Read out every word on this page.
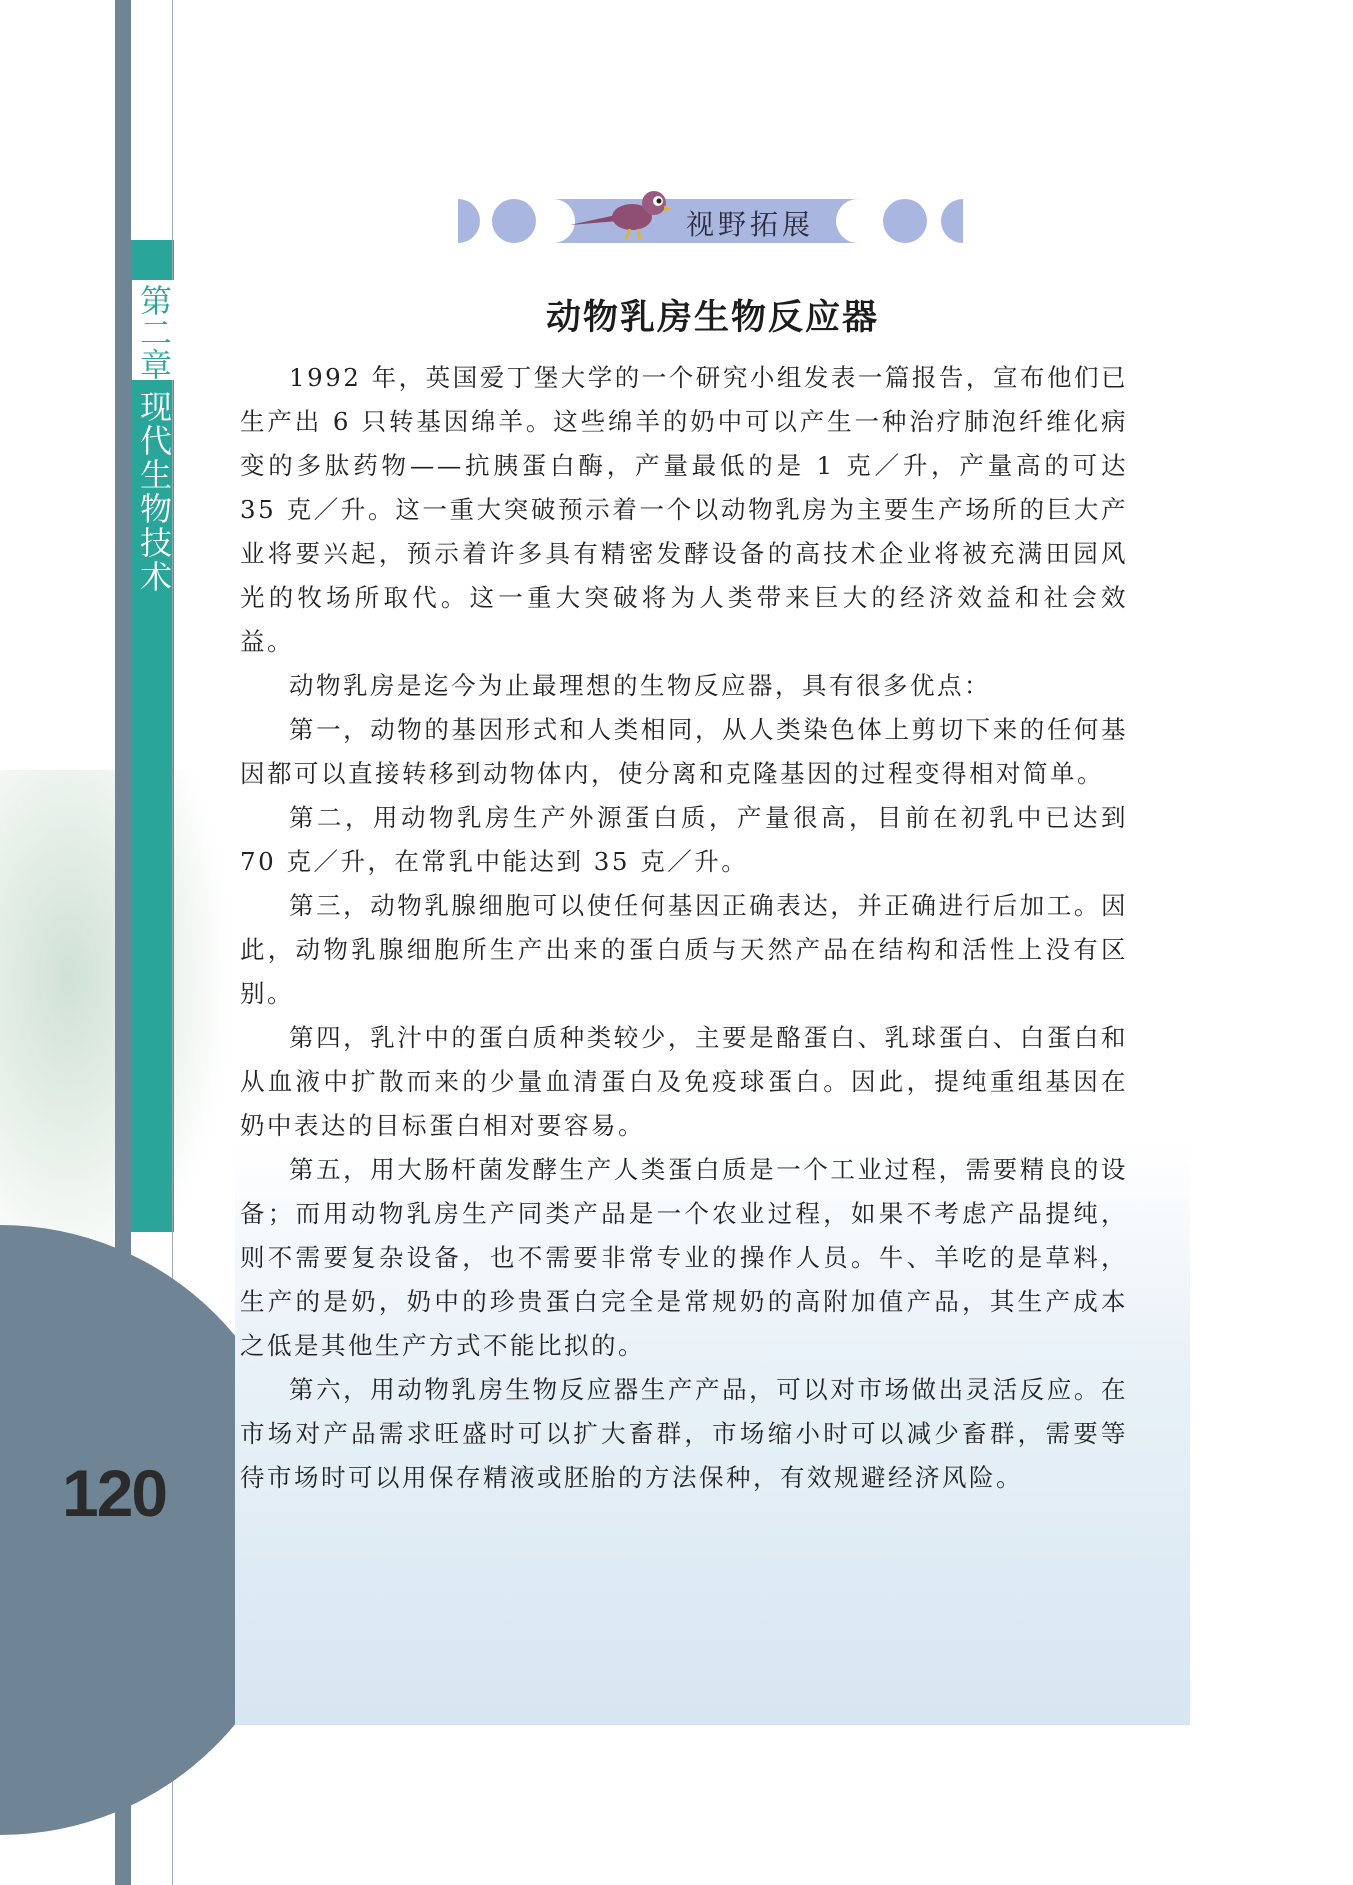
第二章
现代生物技术
120
视野拓展
动物乳房生物反应器

1992 年，英国爱丁堡大学的一个研究小组发表一篇报告，宣布他们已生产出 6 只转基因绵羊。这些绵羊的奶中可以产生一种治疗肺泡纤维化病变的多肽药物——抗胰蛋白酶，产量最低的是 1 克／升，产量高的可达 35 克／升。这一重大突破预示着一个以动物乳房为主要生产场所的巨大产业将要兴起，预示着许多具有精密发酵设备的高技术企业将被充满田园风光的牧场所取代。这一重大突破将为人类带来巨大的经济效益和社会效益。

动物乳房是迄今为止最理想的生物反应器，具有很多优点：

第一，动物的基因形式和人类相同，从人类染色体上剪切下来的任何基因都可以直接转移到动物体内，使分离和克隆基因的过程变得相对简单。

第二，用动物乳房生产外源蛋白质，产量很高，目前在初乳中已达到 70 克／升，在常乳中能达到 35 克／升。

第三，动物乳腺细胞可以使任何基因正确表达，并正确进行后加工。因此，动物乳腺细胞所生产出来的蛋白质与天然产品在结构和活性上没有区别。

第四，乳汁中的蛋白质种类较少，主要是酪蛋白、乳球蛋白、白蛋白和从血液中扩散而来的少量血清蛋白及免疫球蛋白。因此，提纯重组基因在奶中表达的目标蛋白相对要容易。

第五，用大肠杆菌发酵生产人类蛋白质是一个工业过程，需要精良的设备；而用动物乳房生产同类产品是一个农业过程，如果不考虑产品提纯，则不需要复杂设备，也不需要非常专业的操作人员。牛、羊吃的是草料，生产的是奶，奶中的珍贵蛋白完全是常规奶的高附加值产品，其生产成本之低是其他生产方式不能比拟的。

第六，用动物乳房生物反应器生产产品，可以对市场做出灵活反应。在市场对产品需求旺盛时可以扩大畜群，市场缩小时可以减少畜群，需要等待市场时可以用保存精液或胚胎的方法保种，有效规避经济风险。
